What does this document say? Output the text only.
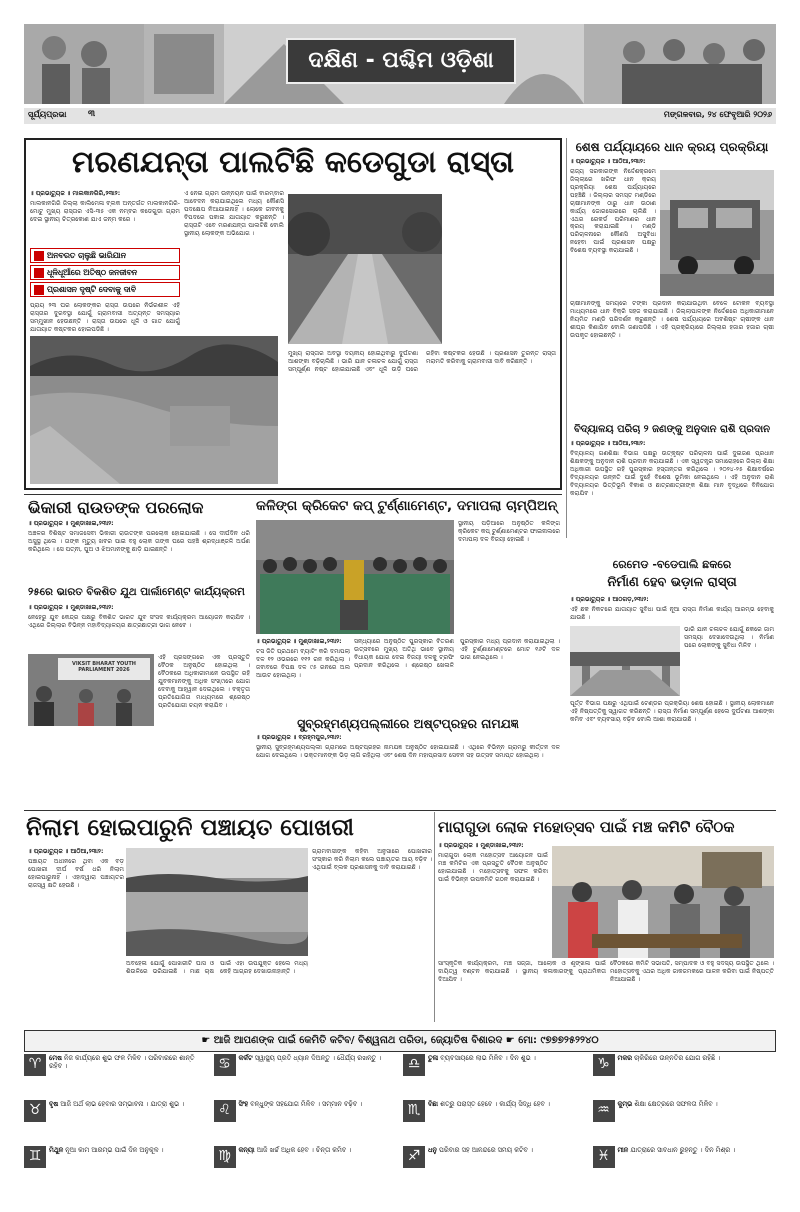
ଦକ୍ଷିଣ - ପଶ୍ଚିମ ଓଡ଼ିଶା
ସୂର୍ଯ୍ୟପ୍ରଭା ୩	ମଙ୍ଗଳବାର, ୨୪ ଫେବୃଆରି ୨୦୨୬
ମରଣଯନ୍ତା ପାଲଟିଛି କଡେଗୁଡା ରାସ୍ତା
॥ ପ୍ରଭାତ୍ୟୁଜ ॥ ମାଲକାନଗିରି,୨୩ା୨:
ମାଲକାନଗିରି ଜିଲ୍ଲା କାଲିମେଳା ବ୍ଲକ ଅନ୍ତର୍ଗତ ମାଲକାନଗିରି-ମୋଟୁ ମୁଖ୍ୟ ରାସ୍ତାର ଏସି-୩୫ ଏକ ନମ୍ବର କଡେଗୁଡା ଗ୍ରାମ ଦେଇ ସ୍ଥାନୀୟ ଚିତ୍ରକୋଣ ଯାଏ ଜନ୍ମ କରେ ।
ଅନବରତ ଚାଲୁଛି ଭାରିଯାନ
ଧୂଳିଧୂଆଁରେ ଅତିଷ୍ଠ ଜନଜୀବନ
ପ୍ରଶାସନ ଦୃଷ୍ଟି ଦେବାକୁ ଦାବି
ପ୍ରାୟ ୨୩ ଘର ଲୋକଙ୍କର ରାସ୍ତା ଉପରେ ନିର୍ଭରଶୀଳ ଏହି ରାସ୍ତାର ଦୁରବସ୍ଥା ଯୋଗୁଁ ଗ୍ରାମବାସୀ ଅତ୍ୟନ୍ତ ସମସ୍ୟାର ସମ୍ମୁଖୀନ ହେଉଛନ୍ତି । ରାସ୍ତା ଉପରେ ଧୂଳି ଓ ଗାତ ଯୋଗୁଁ ଯାତାୟାତ କଷ୍ଟକର ହୋଇପଡିଛି ।
ଏ ନେଇ ଗ୍ରାମ ଉନ୍ନୟନ ପାଇଁ ବାରମ୍ବାର ଆବେଦନ କରାଯାଇଥିଲେ ମଧ୍ୟ କୌଣସି ପଦକ୍ଷେପ ନିଆଯାଇନାହିଁ । ଲୋକେ ଜୀବନକୁ ବିପଦରେ ପକାଇ ଯାତାୟାତ କରୁଛନ୍ତି । ରାସ୍ତାଟି ଏବେ ମରଣଯନ୍ତା ପାଲଟିଛି ବୋଲି ସ୍ଥାନୀୟ ଲୋକଙ୍କ ଅଭିଯୋଗ ।
ମୁଖ୍ୟ ରାସ୍ତାର ଅବସ୍ଥା ଦୟନୀୟ ହୋଇଥିବାରୁ ଦୁର୍ଘଟଣା ଆଶଙ୍କା ବଢ଼ିଚାଲିଛି । ଭାରି ଯାନ ଚଳାଚଳ ଯୋଗୁଁ ରାସ୍ତା ସମ୍ପୂର୍ଣ୍ଣ ନଷ୍ଟ ହୋଇଯାଇଛି ଏବଂ ଧୂଳି ଉଡ଼ି ଘରେ ରହିବା କଷ୍ଟକର ହେଉଛି । ପ୍ରଶାସନ ତୁରନ୍ତ ରାସ୍ତା ମରାମତି କରିବାକୁ ଗ୍ରାମବାସୀ ଦାବି କରିଛନ୍ତି ।
ଶେଷ ପର୍ଯ୍ୟାୟରେ ଧାନ କ୍ରୟ ପ୍ରକ୍ରିୟା
॥ ପ୍ରଭାତ୍ୟୁଜ ॥ ଆଠିଆ,୨୩ା୨:
ରାଜ୍ୟ ସରକାରଙ୍କ ନିର୍ଦ୍ଦେଶକ୍ରମେ ଜିଲ୍ଲାରେ ଖରିଫ ଧାନ କ୍ରୟ ପ୍ରକ୍ରିୟା ଶେଷ ପର୍ଯ୍ୟାୟରେ ପହଞ୍ଚିଛି । ଜିଲ୍ଲାର ସମସ୍ତ ମଣ୍ଡିରେ ଚାଷୀମାନଙ୍କ ଠାରୁ ଧାନ ଉଠାଣ କାର୍ଯ୍ୟ ଜୋରସୋରରେ ଚାଲିଛି । ଏଥର ରେକର୍ଡ ପରିମାଣର ଧାନ କ୍ରୟ କରାଯାଇଛି । ମଣ୍ଡି ପରିଚାଳନାରେ କୌଣସି ଅସୁବିଧା ନହେବା ପାଇଁ ପ୍ରଶାସନ ପକ୍ଷରୁ ବିଶେଷ ବ୍ୟବସ୍ଥା କରାଯାଇଛି ।
ଚାଷୀମାନଙ୍କୁ ସମୟରେ ଟଙ୍କା ପ୍ରଦାନ କରାଯାଉଥିବା ବେଳେ ଟୋକନ ବ୍ୟବସ୍ଥା ମାଧ୍ୟମରେ ଧାନ ବିକ୍ରି ସହଜ କରାଯାଇଛି । ଜିଲ୍ଲାପାଳଙ୍କ ନିର୍ଦ୍ଦେଶରେ ଅଧିକାରୀମାନେ ନିୟମିତ ମଣ୍ଡି ପରିଦର୍ଶନ କରୁଛନ୍ତି । ଶେଷ ପର୍ଯ୍ୟାୟରେ ଅବଶିଷ୍ଟ ଚାଷୀଙ୍କ ଧାନ ଶୀଘ୍ର କିଣାଯିବ ବୋଲି ଜଣାପଡିଛି । ଏହି ପ୍ରକ୍ରିୟାରେ ଜିଲ୍ଲାର ହଜାର ହଜାର ଚାଷୀ ଉପକୃତ ହୋଇଛନ୍ତି ।
ବିଦ୍ୟାଳୟ ପରିଚା ୨ ଜଣଙ୍କୁ ଅନୁଦାନ ରାଶି ପ୍ରଦାନ
॥ ପ୍ରଭାତ୍ୟୁଜ ॥ ଆଠିଆ,୨୩ା୨:
ବିଦ୍ୟାଳୟ ଗଣଶିକ୍ଷା ବିଭାଗ ପକ୍ଷରୁ ଉତ୍କୃଷ୍ଟ ପରିଚାଳନା ପାଇଁ ଦୁଇଜଣ ପ୍ରଧାନ ଶିକ୍ଷକଙ୍କୁ ଅନୁଦାନ ରାଶି ପ୍ରଦାନ କରାଯାଇଛି । ଏକ ସ୍ୱତନ୍ତ୍ର ସମାରୋହରେ ଜିଲ୍ଲା ଶିକ୍ଷା ଅଧିକାରୀ ଉପସ୍ଥିତ ରହି ପୁରସ୍କାର ହସ୍ତାନ୍ତର କରିଥିଲେ । ୨୦୨୪-୨୫ ଶିକ୍ଷାବର୍ଷରେ ବିଦ୍ୟାଳୟର ଉନ୍ନତି ପାଇଁ ଦୁହେଁ ବିଶେଷ ଭୂମିକା ନେଇଥିଲେ । ଏହି ଅନୁଦାନ ରାଶି ବିଦ୍ୟାଳୟର ଭିତ୍ତିଭୂମି ବିକାଶ ଓ ଛାତ୍ରଛାତ୍ରୀଙ୍କ ଶିକ୍ଷା ମାନ ବୃଦ୍ଧିରେ ବିନିଯୋଗ କରାଯିବ ।
ରେମେଡ -ବଡେପାଲି ଛକରେ
ନିର୍ମାଣ ହେବ ଭଡ଼ାଳ ରାସ୍ତା
॥ ପ୍ରଭାତ୍ୟୁଜ ॥ ଆଠଗଡ଼,୨୩ା୨:
ଏହି ଛକ ନିକଟରେ ଯାତାୟାତ ସୁବିଧା ପାଇଁ ନୂଆ ରାସ୍ତା ନିର୍ମାଣ କାର୍ଯ୍ୟ ଆରମ୍ଭ ହେବାକୁ ଯାଉଛି ।
ଭାରି ଯାନ ଚଳାଚଳ ଯୋଗୁଁ ଛକରେ ଜାମ ସମସ୍ୟା ଦେଖାଦେଉଥିଲା । ନିର୍ମାଣ ପରେ ଲୋକଙ୍କୁ ସୁବିଧା ମିଳିବ ।
ପୂର୍ତ୍ତ ବିଭାଗ ପକ୍ଷରୁ ଏଥିପାଇଁ ଟେଣ୍ଡର ପ୍ରକ୍ରିୟା ଶେଷ ହୋଇଛି । ସ୍ଥାନୀୟ ଲୋକମାନେ ଏହି ନିଷ୍ପତ୍ତିକୁ ସ୍ୱାଗତ କରିଛନ୍ତି । ରାସ୍ତା ନିର୍ମାଣ ସମ୍ପୂର୍ଣ୍ଣ ହେଲେ ଦୁର୍ଘଟଣା ଆଶଙ୍କା କମିବ ଏବଂ ବ୍ୟବସାୟ ବଢ଼ିବ ବୋଲି ଆଶା କରାଯାଉଛି ।
ଭିକାରୀ ରାଉତଙ୍କ ପରଲୋକ
॥ ପ୍ରଭାତ୍ୟୁଜ ॥ ମୁଣ୍ଡାଖାଇ,୨୩ା୨:
ଅଞ୍ଚଳର ବିଶିଷ୍ଟ ସମାଜସେବୀ ଭିକାରୀ ରାଉତଙ୍କ ପରଲୋକ ହୋଇଯାଇଛି । ସେ ଦୀର୍ଘଦିନ ଧରି ଅସୁସ୍ଥ ଥିଲେ । ତାଙ୍କ ମୃତ୍ୟୁ ଖବର ପାଇ ବହୁ ଲୋକ ତାଙ୍କ ଘରେ ପହଞ୍ଚି ଶ୍ରଦ୍ଧାଞ୍ଜଳି ଅର୍ପଣ କରିଥିଲେ । ସେ ପତ୍ନୀ, ପୁଅ ଓ ଝିଅମାନଙ୍କୁ ଛାଡ଼ି ଯାଇଛନ୍ତି ।
୨୫ରେ ଭାରତ ବିକଶିତ ଯୁଥ ପାର୍ଲାମେଣ୍ଟ କାର୍ଯ୍ୟକ୍ରମ
॥ ପ୍ରଭାତ୍ୟୁଜ ॥ ମୁଣ୍ଡାଖାଇ,୨୩ା୨:
ନେହେରୁ ଯୁବ କେନ୍ଦ୍ର ପକ୍ଷରୁ ବିକଶିତ ଭାରତ ଯୁବ ସଂସଦ କାର୍ଯ୍ୟକ୍ରମ ଆୟୋଜନ କରାଯିବ । ଏଥିରେ ଜିଲ୍ଲାର ବିଭିନ୍ନ ମହାବିଦ୍ୟାଳୟର ଛାତ୍ରଛାତ୍ରୀ ଭାଗ ନେବେ ।
VIKSIT BHARAT YOUTH PARLIAMENT 2026
ଏହି ପ୍ରସଙ୍ଗରେ ଏକ ପ୍ରସ୍ତୁତି ବୈଠକ ଅନୁଷ୍ଠିତ ହୋଇଥିଲା । ବୈଠକରେ ଅଧିକାରୀମାନେ ଉପସ୍ଥିତ ରହି ଯୁବକମାନଙ୍କୁ ଅଧିକ ସଂଖ୍୯ାରେ ଯୋଗ ଦେବାକୁ ଆହ୍ୱାନ ଦେଇଥିଲେ । ବକ୍ତୃତା ପ୍ରତିଯୋଗିତା ମାଧ୍ୟମରେ ଶ୍ରେଷ୍ଠ ପ୍ରତିଯୋଗୀ ଚୟନ କରାଯିବ ।
କଳିଙ୍ଗ କ୍ରିକେଟ କପ୍ ଟୁର୍ଣ୍ଣାମେଣ୍ଟ, ଦମାପଲା ଚାମ୍ପିଅନ୍
ସ୍ଥାନୀୟ ପଡ଼ିଆରେ ଅନୁଷ୍ଠିତ କଳିଙ୍ଗ କ୍ରିକେଟ କପ୍ ଟୁର୍ଣ୍ଣାମେଣ୍ଟର ଫାଇନାଲରେ ଦମାପଲା ଦଳ ବିଜୟୀ ହୋଇଛି ।
॥ ପ୍ରଭାତ୍ୟୁଜ ॥ ମୁଣ୍ଡାଖାଇ,୨୩ା୨:
ଟସ ଜିତି ପ୍ରଥମେ ବ୍ୟାଟିଂ କରି ଦମାପଲା ଦଳ ୧୨ ଓଭରରେ ୧୧୨ ରନ କରିଥିଲା । ଜବାବରେ ବିପକ୍ଷ ଦଳ ୯୫ ରନରେ ଅଲ ଆଉଟ ହୋଇଥିଲା ।
ସନ୍ଧ୍ୟାରେ ଅନୁଷ୍ଠିତ ପୁରସ୍କାର ବିତରଣ ଉତ୍ସବରେ ମୁଖ୍ୟ ଅତିଥି ଭାବେ ସ୍ଥାନୀୟ ବିଧାୟକ ଯୋଗ ଦେଇ ବିଜୟୀ ଦଳକୁ ଟ୍ରଫି ପ୍ରଦାନ କରିଥିଲେ । ଶ୍ରେଷ୍ଠ ଖେଳାଳି ପୁରସ୍କାର ମଧ୍ୟ ପ୍ରଦାନ କରାଯାଇଥିଲା । ଏହି ଟୁର୍ଣ୍ଣାମେଣ୍ଟରେ ମୋଟ ୧୬ଟି ଦଳ ଭାଗ ନେଇଥିଲେ ।
ସୁବ୍ରହ୍ମଣ୍ୟପଲ୍ଲୀରେ ଅଷ୍ଟପ୍ରହର ନାମଯଜ୍ଞ
॥ ପ୍ରଭାତ୍ୟୁଜ ॥ ବ୍ରହ୍ମପୁର,୨୩ା୨:
ସ୍ଥାନୀୟ ସୁବ୍ରହ୍ମଣ୍ୟପଲ୍ଲୀ ଗ୍ରାମରେ ଅଷ୍ଟପ୍ରହର ନାମଯଜ୍ଞ ଅନୁଷ୍ଠିତ ହୋଇଯାଇଛି । ଏଥିରେ ବିଭିନ୍ନ ଗ୍ରାମରୁ କୀର୍ତ୍ତନ ଦଳ ଯୋଗ ଦେଇଥିଲେ । ଭକ୍ତମାନଙ୍କ ଭିଡ଼ ଲାଗି ରହିଥିଲା ଏବଂ ଶେଷ ଦିନ ମହାପ୍ରସାଦ ସେବନ ସହ ଉତ୍ସବ ସମାପ୍ତ ହୋଇଥିଲା ।
ନିଲାମ ହୋଇପାରୁନି ପଞ୍ଚାୟତ ପୋଖରୀ
॥ ପ୍ରଭାତ୍ୟୁଜ ॥ ଆଠିଆ,୨୩ା୨:
ପଞ୍ଚାୟତ ଅଧୀନରେ ଥିବା ଏକ ବଡ଼ ପୋଖରୀ ଦୀର୍ଘ ବର୍ଷ ଧରି ନିଲାମ ହୋଇପାରୁନାହିଁ । ଏହାଦ୍ୱାରା ପଞ୍ଚାୟତର ରାଜସ୍ୱ କ୍ଷତି ହେଉଛି ।
ଅବହେଳା ଯୋଗୁଁ ପୋଖରୀଟି ଘାସ ଓ ଶିଉଳିରେ ଭରିଯାଇଛି । ମାଛ ଚାଷ ପାଇଁ ଏହା ଉପଯୁକ୍ତ ହେଲେ ମଧ୍ୟ କେହି ଆଗ୍ରହ ଦେଖାଉନାହାନ୍ତି ।
ଗ୍ରାମବାସୀଙ୍କ କହିବା ଅନୁସାରେ ପୋଖରୀର ସଂସ୍କାର କରି ନିଲାମ କଲେ ପଞ୍ଚାୟତର ଆୟ ବଢ଼ିବ । ଏଥିପାଇଁ ବ୍ଲକ ପ୍ରଶାସନକୁ ଦାବି କରାଯାଇଛି ।
ମାରାଗୁଡା ଲୋକ ମହୋତ୍ସବ ପାଇଁ ମଞ୍ଚ କମିଟି ବୈଠକ
॥ ପ୍ରଭାତ୍ୟୁଜ ॥ ମୁଣ୍ଡାଖାଇ,୨୩ା୨:
ମାରାଗୁଡା ଲୋକ ମହୋତ୍ସବ ଆୟୋଜନ ପାଇଁ ମଞ୍ଚ କମିଟିର ଏକ ପ୍ରସ୍ତୁତି ବୈଠକ ଅନୁଷ୍ଠିତ ହୋଇଯାଇଛି । ମହୋତ୍ସବକୁ ସଫଳ କରିବା ପାଇଁ ବିଭିନ୍ନ ଉପକମିଟି ଗଠନ କରାଯାଇଛି ।
ସାଂସ୍କୃତିକ କାର୍ଯ୍ୟକ୍ରମ, ମଞ୍ଚ ସଜ୍ଜା, ଆଲୋକ ଓ ଶୃଙ୍ଖଳା ପାଇଁ ଦାୟିତ୍ୱ ବଣ୍ଟନ କରାଯାଇଛି । ସ୍ଥାନୀୟ କଳାକାରଙ୍କୁ ପ୍ରାଥମିକତା ଦିଆଯିବ ।
ବୈଠକରେ କମିଟି ସଭାପତି, ସମ୍ପାଦକ ଓ ବହୁ ସଦସ୍ୟ ଉପସ୍ଥିତ ଥିଲେ । ମହୋତ୍ସବକୁ ଏଥର ଅଧିକ ଜାକଜମକରେ ପାଳନ କରିବା ପାଇଁ ନିଷ୍ପତ୍ତି ନିଆଯାଇଛି ।
☛ ଆଜି ଆପଣଙ୍କ ପାଇଁ କେମିତି କଟିବ/ ବିଶ୍ୱନାଥ ପରିଡା, ଜ୍ୟୋତିଷ ବିଶାରଦ ☛ ମୋ: ୯୭୭୭୨୫୨୨୪୦
♈	ମେଷ ନିଜ କାର୍ଯ୍ୟରେ ଶୁଭ ଫଳ ମିଳିବ । ପରିବାରରେ ଶାନ୍ତି ରହିବ ।	♋	କର୍କଟ ସ୍ୱାସ୍ଥ୍ୟ ପ୍ରତି ଧ୍ୟାନ ଦିଅନ୍ତୁ । ଧୈର୍ଯ୍ୟ ରଖନ୍ତୁ ।	♎	ତୁଳା ବ୍ୟବସାୟରେ ଲାଭ ମିଳିବ । ଦିନ ଶୁଭ ।	♑	ମକର ଚାକିରିରେ ଉନ୍ନତିର ଯୋଗ ରହିଛି ।
♉	ବୃଷ ଆଜି ଅର୍ଥ ଲାଭ ହେବାର ସମ୍ଭାବନା । ଯାତ୍ରା ଶୁଭ ।	♌	ସିଂହ ବନ୍ଧୁଙ୍କ ସହଯୋଗ ମିଳିବ । ସମ୍ମାନ ବଢ଼ିବ ।	♏	ବିଛା ଶତ୍ରୁ ପରାସ୍ତ ହେବେ । କାର୍ଯ୍ୟ ସିଦ୍ଧି ହେବ ।	♒	କୁମ୍ଭ ଶିକ୍ଷା କ୍ଷେତ୍ରରେ ସଫଳତା ମିଳିବ ।
♊	ମିଥୁନ ନୂଆ କାମ ଆରମ୍ଭ ପାଇଁ ଦିନ ଅନୁକୂଳ ।	♍	କନ୍ୟା ଆଜି ଖର୍ଚ୍ଚ ଅଧିକ ହେବ । ଚିନ୍ତା କମିବ ।	♐	ଧନୁ ପରିବାର ସହ ଆନନ୍ଦରେ ସମୟ କଟିବ ।	♓	ମୀନ ଯାତ୍ରାରେ ସାବଧାନ ରୁହନ୍ତୁ । ଦିନ ମିଶ୍ର ।
